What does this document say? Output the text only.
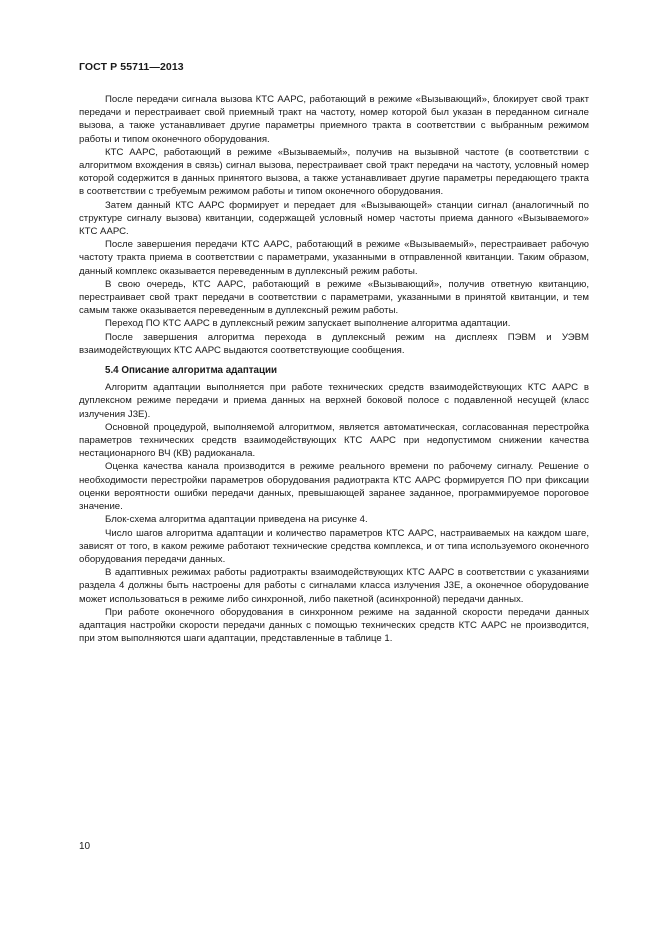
ГОСТ Р 55711—2013

После передачи сигнала вызова КТС ААРС, работающий в режиме «Вызывающий», блокирует свой тракт передачи и перестраивает свой приемный тракт на частоту, номер которой был указан в переданном сигнале вызова, а также устанавливает другие параметры приемного тракта в соответствии с выбранным режимом работы и типом оконечного оборудования.

КТС ААРС, работающий в режиме «Вызываемый», получив на вызывной частоте (в соответствии с алгоритмом вхождения в связь) сигнал вызова, перестраивает свой тракт передачи на частоту, условный номер которой содержится в данных принятого вызова, а также устанавливает другие параметры передающего тракта в соответствии с требуемым режимом работы и типом оконечного оборудования.

Затем данный КТС ААРС формирует и передает для «Вызывающей» станции сигнал (аналогичный по структуре сигналу вызова) квитанции, содержащей условный номер частоты приема данного «Вызываемого» КТС ААРС.

После завершения передачи КТС ААРС, работающий в режиме «Вызываемый», перестраивает рабочую частоту тракта приема в соответствии с параметрами, указанными в отправленной квитанции. Таким образом, данный комплекс оказывается переведенным в дуплексный режим работы.

В свою очередь, КТС ААРС, работающий в режиме «Вызывающий», получив ответную квитанцию, перестраивает свой тракт передачи в соответствии с параметрами, указанными в принятой квитанции, и тем самым также оказывается переведенным в дуплексный режим работы.

Переход ПО КТС ААРС в дуплексный режим запускает выполнение алгоритма адаптации.

После завершения алгоритма перехода в дуплексный режим на дисплеях ПЭВМ и УЭВМ взаимодействующих КТС ААРС выдаются соответствующие сообщения.

5.4 Описание алгоритма адаптации

Алгоритм адаптации выполняется при работе технических средств взаимодействующих КТС ААРС в дуплексном режиме передачи и приема данных на верхней боковой полосе с подавленной несущей (класс излучения J3E).

Основной процедурой, выполняемой алгоритмом, является автоматическая, согласованная перестройка параметров технических средств взаимодействующих КТС ААРС при недопустимом снижении качества нестационарного ВЧ (КВ) радиоканала.

Оценка качества канала производится в режиме реального времени по рабочему сигналу. Решение о необходимости перестройки параметров оборудования радиотракта КТС ААРС формируется ПО при фиксации оценки вероятности ошибки передачи данных, превышающей заранее заданное, программируемое пороговое значение.

Блок-схема алгоритма адаптации приведена на рисунке 4.

Число шагов алгоритма адаптации и количество параметров КТС ААРС, настраиваемых на каждом шаге, зависят от того, в каком режиме работают технические средства комплекса, и от типа используемого оконечного оборудования передачи данных.

В адаптивных режимах работы радиотракты взаимодействующих КТС ААРС в соответствии с указаниями раздела 4 должны быть настроены для работы с сигналами класса излучения J3E, а оконечное оборудование может использоваться в режиме либо синхронной, либо пакетной (асинхронной) передачи данных.

При работе оконечного оборудования в синхронном режиме на заданной скорости передачи данных адаптация настройки скорости передачи данных с помощью технических средств КТС ААРС не производится, при этом выполняются шаги адаптации, представленные в таблице 1.

10
